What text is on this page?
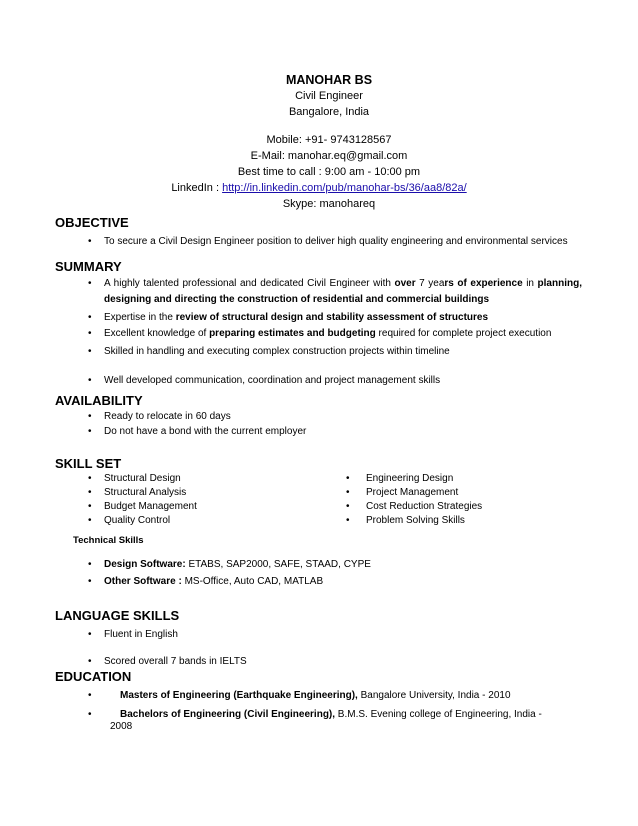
MANOHAR BS
Civil Engineer
Bangalore, India
Mobile: +91- 9743128567
E-Mail: manohar.eq@gmail.com
Best time to call : 9:00 am - 10:00 pm
LinkedIn : http://in.linkedin.com/pub/manohar-bs/36/aa8/82a/
Skype: manohareq
OBJECTIVE
• To secure a Civil Design Engineer position to deliver high quality engineering and environmental services
SUMMARY
• A highly talented professional and dedicated Civil Engineer with over 7 years of experience in planning, designing and directing the construction of residential and commercial buildings
• Expertise in the review of structural design and stability assessment of structures
• Excellent knowledge of preparing estimates and budgeting required for complete project execution
• Skilled in handling and executing complex construction projects within timeline
• Well developed communication, coordination and project management skills
AVAILABILITY
• Ready to relocate in 60 days
• Do not have a bond with the current employer
SKILL SET
• Structural Design
• Structural Analysis
• Budget Management
• Quality Control
• Engineering Design
• Project Management
• Cost Reduction Strategies
• Problem Solving Skills
Technical Skills
• Design Software: ETABS, SAP2000, SAFE, STAAD, CYPE
• Other Software : MS-Office, Auto CAD, MATLAB
LANGUAGE SKILLS
• Fluent in English
• Scored overall 7 bands in IELTS
EDUCATION
•	Masters of Engineering (Earthquake Engineering), Bangalore University, India - 2010
•	Bachelors of Engineering (Civil Engineering), B.M.S. Evening college of Engineering, India -
2008
